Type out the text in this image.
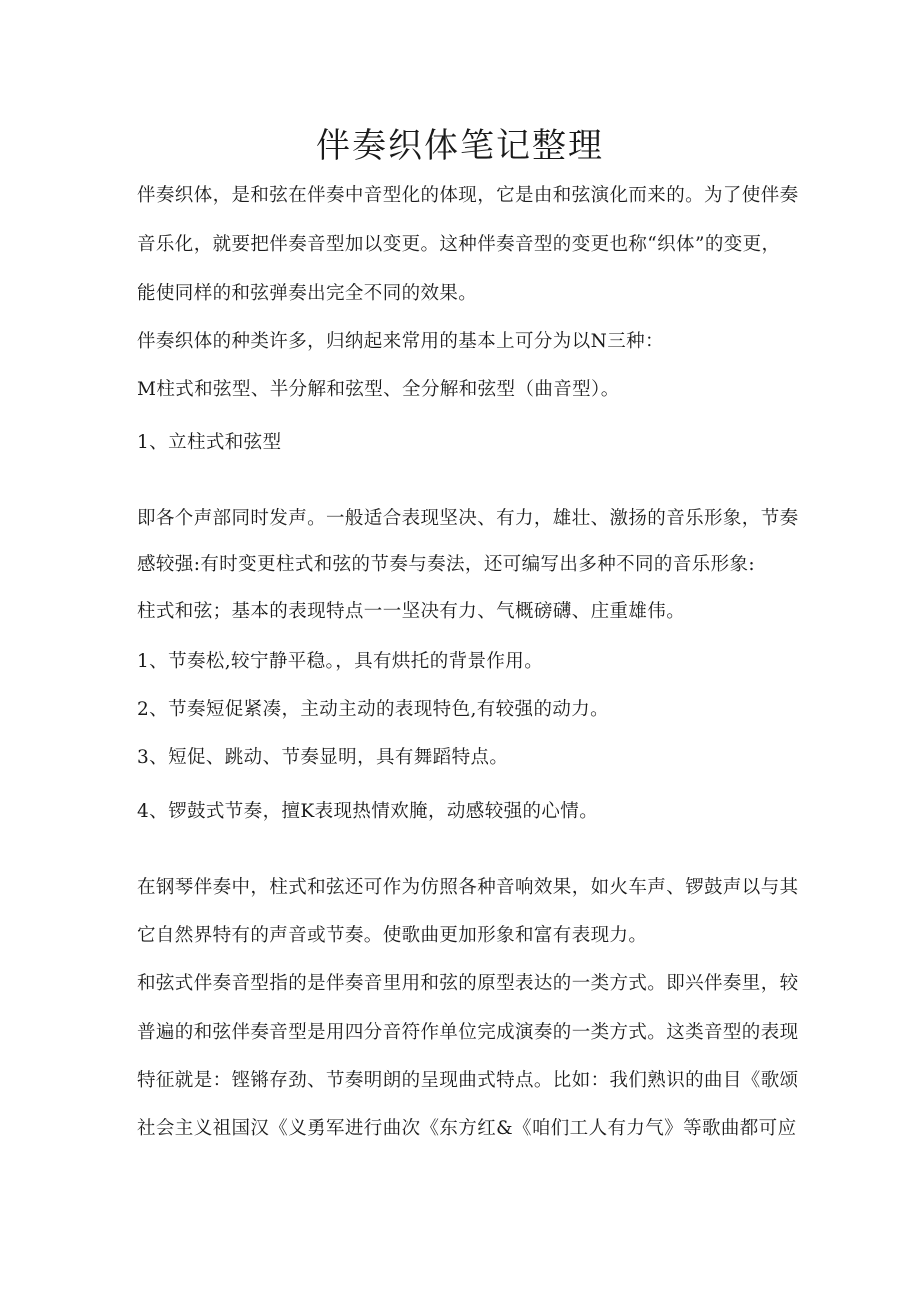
伴奏织体笔记整理
伴奏织体，是和弦在伴奏中音型化的体现，它是由和弦演化而来的。为了使伴奏
音乐化，就要把伴奏音型加以变更。这种伴奏音型的变更也称“织体”的变更，
能使同样的和弦弹奏出完全不同的效果。
伴奏织体的种类许多，归纳起来常用的基本上可分为以N三种：
M柱式和弦型、半分解和弦型、全分解和弦型（曲音型）。
1、立柱式和弦型
即各个声部同时发声。一般适合表现坚决、有力，雄壮、激扬的音乐形象，节奏
感较强:有时变更柱式和弦的节奏与奏法，还可编写出多种不同的音乐形象:
柱式和弦；基本的表现特点一一坚决有力、气概磅礴、庄重雄伟。
1、节奏松,较宁静平稳。，具有烘托的背景作用。
2、节奏短促紧凑，主动主动的表现特色,有较强的动力。
3、短促、跳动、节奏显明，具有舞蹈特点。
4、锣鼓式节奏，擅K表现热情欢腌，动感较强的心情。
在钢琴伴奏中，柱式和弦还可作为仿照各种音响效果，如火车声、锣鼓声以与其
它自然界特有的声音或节奏。使歌曲更加形象和富有表现力。
和弦式伴奏音型指的是伴奏音里用和弦的原型表达的一类方式。即兴伴奏里，较
普遍的和弦伴奏音型是用四分音符作单位完成演奏的一类方式。这类音型的表现
特征就是：铿锵存劲、节奏明朗的呈现曲式特点。比如：我们熟识的曲目《歌颂
社会主义祖国汉《义勇军进行曲次《东方红&《咱们工人有力气》等歌曲都可应
